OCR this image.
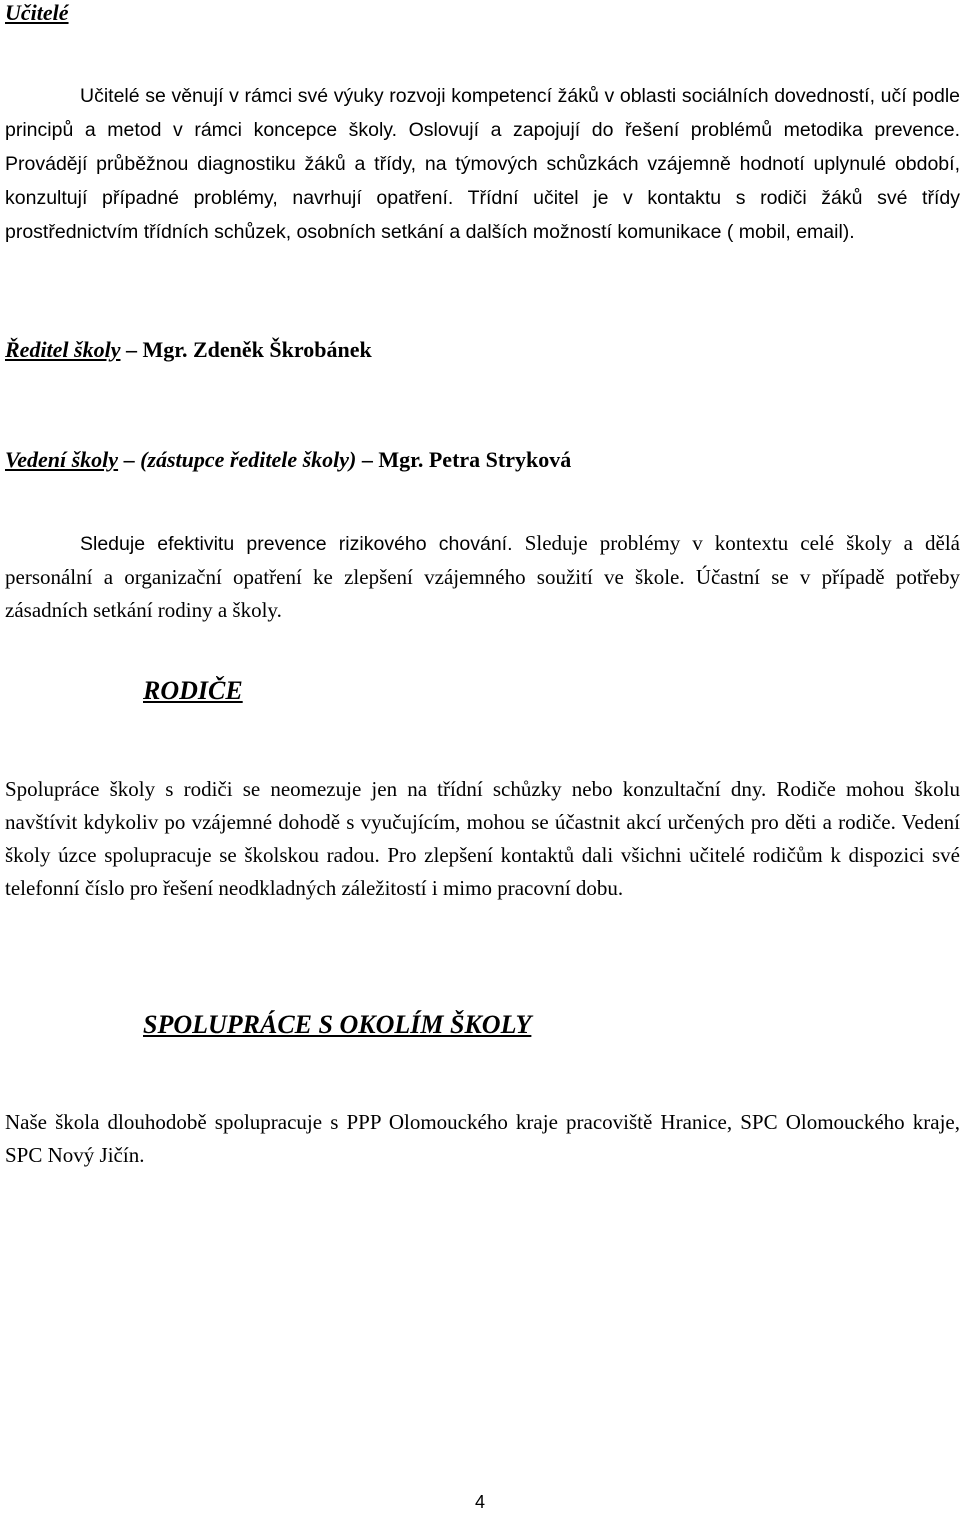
Učitelé

Učitelé se věnují v rámci své výuky rozvoji kompetencí žáků v oblasti sociálních dovedností, učí podle principů a metod v rámci koncepce školy. Oslovují a zapojují do řešení problémů metodika prevence. Provádějí průběžnou diagnostiku žáků a třídy, na týmových schůzkách vzájemně hodnotí uplynulé období, konzultují případné problémy, navrhují opatření. Třídní učitel je v kontaktu s rodiči žáků své třídy prostřednictvím třídních schůzek, osobních setkání a dalších možností komunikace ( mobil, email).

Ředitel školy – Mgr. Zdeněk Škrobánek
Vedení školy – (zástupce ředitele školy) – Mgr. Petra Stryková

Sleduje efektivitu prevence rizikového chování. Sleduje problémy v kontextu celé školy a dělá personální a organizační opatření ke zlepšení vzájemného soužití ve škole. Účastní se v případě potřeby zásadních setkání rodiny a školy.

RODIČE

Spolupráce školy s rodiči se neomezuje jen na třídní schůzky nebo konzultační dny. Rodiče mohou školu navštívit kdykoliv po vzájemné dohodě s vyučujícím, mohou se účastnit akcí určených pro děti a rodiče. Vedení školy úzce spolupracuje se školskou radou. Pro zlepšení kontaktů dali všichni učitelé rodičům k dispozici své telefonní číslo pro řešení neodkladných záležitostí i mimo pracovní dobu.

SPOLUPRÁCE S OKOLÍM ŠKOLY

Naše škola dlouhodobě spolupracuje s PPP Olomouckého kraje pracoviště Hranice, SPC Olomouckého kraje, SPC Nový Jičín.

4
